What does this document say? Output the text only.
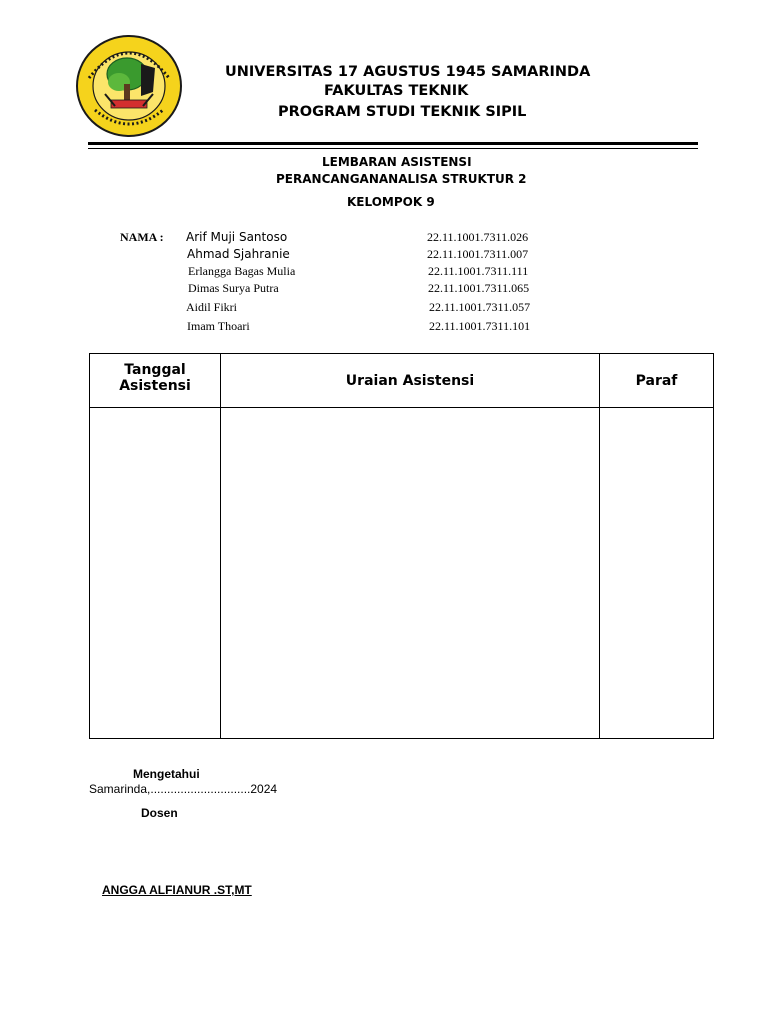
UNIVERSITAS 17 AGUSTUS 1945 SAMARINDA
FAKULTAS TEKNIK
PROGRAM STUDI TEKNIK SIPIL
LEMBARAN ASISTENSI
PERANCANGANANALISA STRUKTUR 2
KELOMPOK 9
NAMA : Arif Muji Santoso	22.11.1001.7311.026
Ahmad Sjahranie	22.11.1001.7311.007
Erlangga Bagas Mulia	22.11.1001.7311.111
Dimas Surya Putra	22.11.1001.7311.065
Aidil Fikri	22.11.1001.7311.057
Imam Thoari	22.11.1001.7311.101
Tanggal
Asistensi	Uraian Asistensi	Paraf

Mengetahui
Samarinda,..............................2024
Dosen
ANGGA ALFIANUR .ST,MT
